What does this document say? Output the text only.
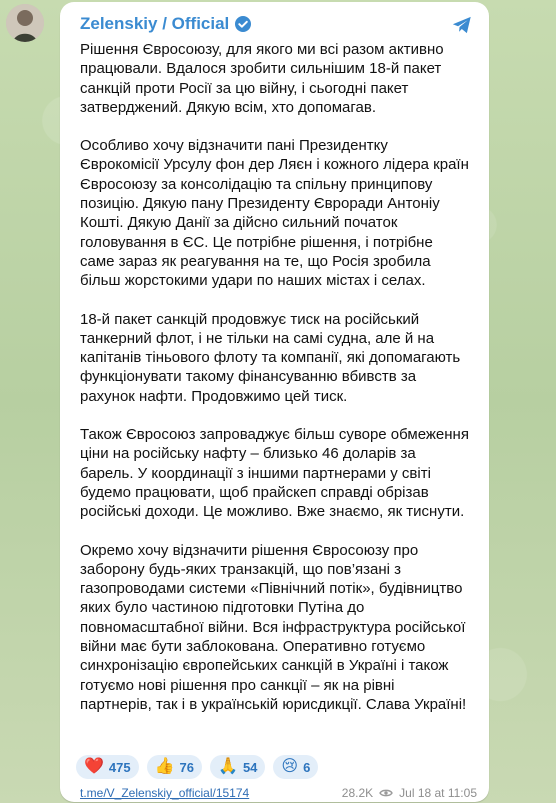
Zelenskiy / Official

Рішення Євросоюзу, для якого ми всі разом активно працювали. Вдалося зробити сильнішим 18-й пакет санкцій проти Росії за цю війну, і сьогодні пакет затверджений. Дякую всім, хто допомагав.

Особливо хочу відзначити пані Президентку Єврокомісії Урсулу фон дер Ляєн і кожного лідера країн Євросоюзу за консолідацію та спільну принципову позицію. Дякую пану Президенту Євроради Антоніу Кошті. Дякую Данії за дійсно сильний початок головування в ЄС. Це потрібне рішення, і потрібне саме зараз як реагування на те, що Росія зробила більш жорстокими удари по наших містах і селах.

18-й пакет санкцій продовжує тиск на російський танкерний флот, і не тільки на самі судна, але й на капітанів тіньового флоту та компанії, які допомагають функціонувати такому фінансуванню вбивств за рахунок нафти. Продовжимо цей тиск.

Також Євросоюз запроваджує більш суворе обмеження ціни на російську нафту – близько 46 доларів за барель. У координації з іншими партнерами у світі будемо працювати, щоб прайскеп справді обрізав російські доходи. Це можливо. Вже знаємо, як тиснути.

Окремо хочу відзначити рішення Євросоюзу про заборону будь-яких транзакцій, що пов’язані з газопроводами системи «Північний потік», будівництво яких було частиною підготовки Путіна до повномасштабної війни. Вся інфраструктура російської війни має бути заблокована. Оперативно готуємо синхронізацію європейських санкцій в Україні і також готуємо нові рішення про санкції – як на рівні партнерів, так і в українській юрисдикції. Слава Україні!

❤️ 475 👍 76 🙏 54 😢 6
t.me/V_Zelenskiy_official/15174	28.2K Jul 18 at 11:05
